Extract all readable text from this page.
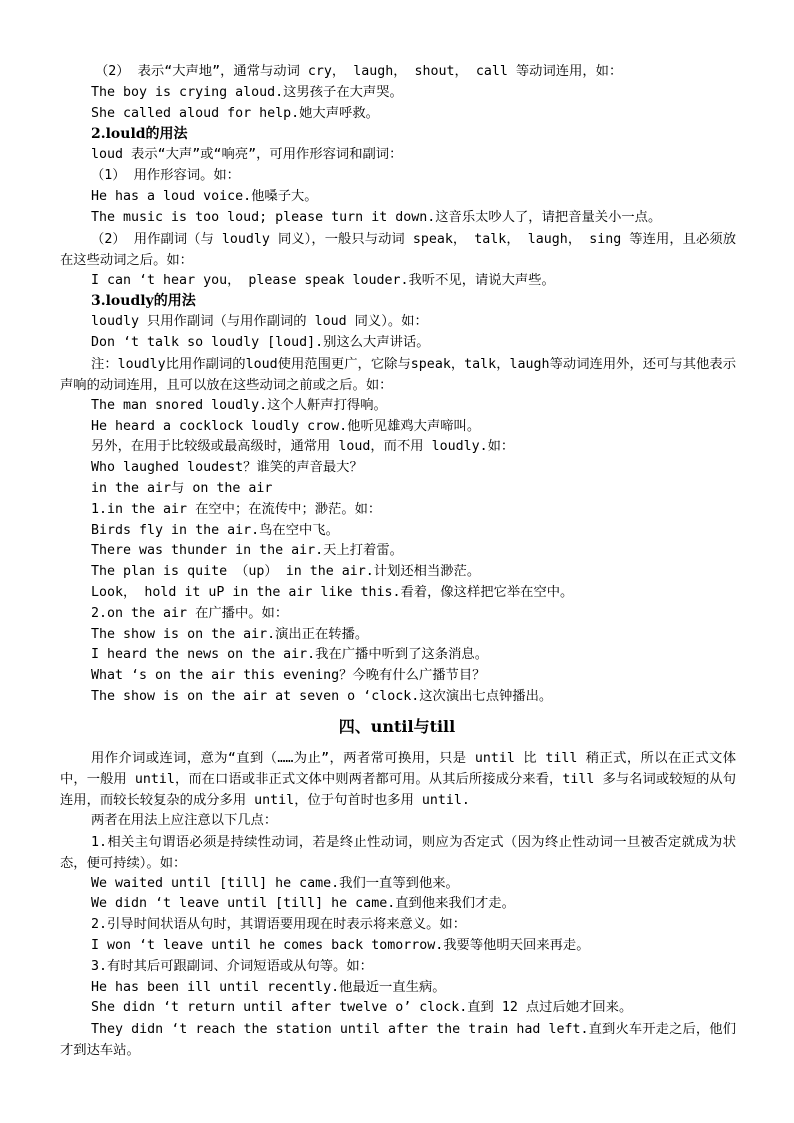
（2） 表示“大声地”，通常与动词 cry， laugh， shout， call 等动词连用，如：
The boy is crying aloud.这男孩子在大声哭。
She called aloud for help.她大声呼救。
2.lould的用法
loud 表示“大声”或“响亮”，可用作形容词和副词：
（1） 用作形容词。如：
He has a loud voice.他嗓子大。
The music is too loud; please turn it down.这音乐太吵人了，请把音量关小一点。
（2） 用作副词（与 loudly 同义），一般只与动词 speak， talk， laugh， sing 等连用，且必须放在这些动词之后。如：
I can ‘t hear you， please speak louder.我听不见，请说大声些。
3.loudly的用法
loudly 只用作副词（与用作副词的 loud 同义）。如：
Don ‘t talk so loudly [loud].别这么大声讲话。
注：loudly比用作副词的loud使用范围更广，它除与speak，talk，laugh等动词连用外，还可与其他表示声响的动词连用，且可以放在这些动词之前或之后。如：
The man snored loudly.这个人鼾声打得响。
He heard a cocklock loudly crow.他听见雄鸡大声啼叫。
另外，在用于比较级或最高级时，通常用 loud，而不用 loudly.如：
Who laughed loudest？谁笑的声音最大？
in the air与 on the air
1.in the air 在空中；在流传中；渺茫。如：
Birds fly in the air.鸟在空中飞。
There was thunder in the air.天上打着雷。
The plan is quite （up） in the air.计划还相当渺茫。
Look， hold it uP in the air like this.看着，像这样把它举在空中。
2.on the air 在广播中。如：
The show is on the air.演出正在转播。
I heard the news on the air.我在广播中听到了这条消息。
What ‘s on the air this evening？今晚有什么广播节目？
The show is on the air at seven o ‘clock.这次演出七点钟播出。
四、until与till
用作介词或连词，意为“直到（……为止”，两者常可换用，只是 until 比 till 稍正式，所以在正式文体中，一般用 until，而在口语或非正式文体中则两者都可用。从其后所接成分来看，till 多与名词或较短的从句连用，而较长较复杂的成分多用 until，位于句首时也多用 until.
两者在用法上应注意以下几点：
1.相关主句谓语必须是持续性动词，若是终止性动词，则应为否定式（因为终止性动词一旦被否定就成为状态，便可持续）。如：
We waited until [till] he came.我们一直等到他来。
We didn ‘t leave until [till] he came.直到他来我们才走。
2.引导时间状语从句时，其谓语要用现在时表示将来意义。如：
I won ‘t leave until he comes back tomorrow.我要等他明天回来再走。
3.有时其后可跟副词、介词短语或从句等。如：
He has been ill until recently.他最近一直生病。
She didn ‘t return until after twelve o’ clock.直到 12 点过后她才回来。
They didn ‘t reach the station until after the train had left.直到火车开走之后，他们才到达车站。
